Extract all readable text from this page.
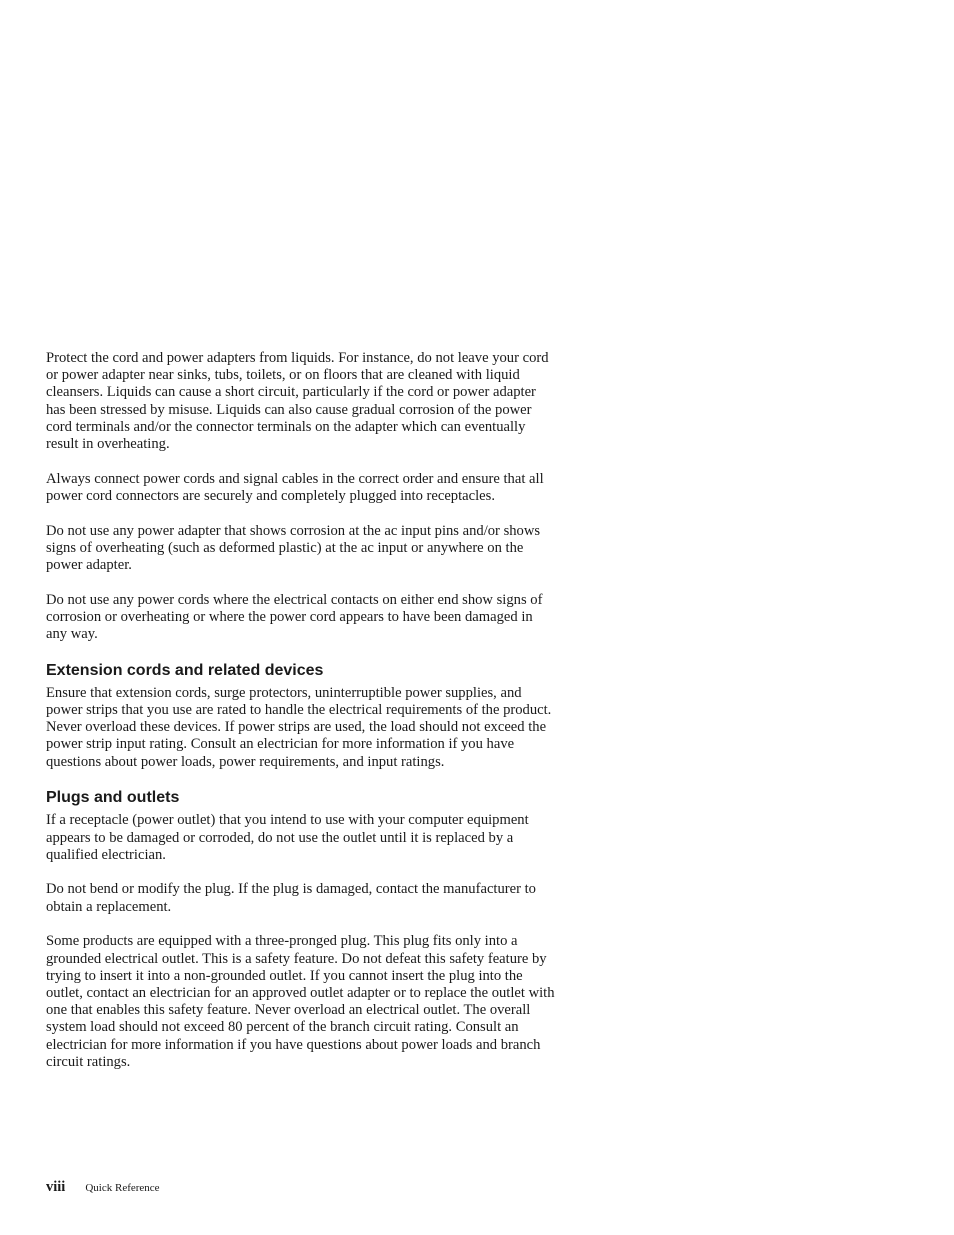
Protect the cord and power adapters from liquids. For instance, do not leave your cord or power adapter near sinks, tubs, toilets, or on floors that are cleaned with liquid cleansers. Liquids can cause a short circuit, particularly if the cord or power adapter has been stressed by misuse. Liquids can also cause gradual corrosion of the power cord terminals and/or the connector terminals on the adapter which can eventually result in overheating.

Always connect power cords and signal cables in the correct order and ensure that all power cord connectors are securely and completely plugged into receptacles.

Do not use any power adapter that shows corrosion at the ac input pins and/or shows signs of overheating (such as deformed plastic) at the ac input or anywhere on the power adapter.

Do not use any power cords where the electrical contacts on either end show signs of corrosion or overheating or where the power cord appears to have been damaged in any way.

Extension cords and related devices

Ensure that extension cords, surge protectors, uninterruptible power supplies, and power strips that you use are rated to handle the electrical requirements of the product. Never overload these devices. If power strips are used, the load should not exceed the power strip input rating. Consult an electrician for more information if you have questions about power loads, power requirements, and input ratings.

Plugs and outlets

If a receptacle (power outlet) that you intend to use with your computer equipment appears to be damaged or corroded, do not use the outlet until it is replaced by a qualified electrician.

Do not bend or modify the plug. If the plug is damaged, contact the manufacturer to obtain a replacement.

Some products are equipped with a three-pronged plug. This plug fits only into a grounded electrical outlet. This is a safety feature. Do not defeat this safety feature by trying to insert it into a non-grounded outlet. If you cannot insert the plug into the outlet, contact an electrician for an approved outlet adapter or to replace the outlet with one that enables this safety feature. Never overload an electrical outlet. The overall system load should not exceed 80 percent of the branch circuit rating. Consult an electrician for more information if you have questions about power loads and branch circuit ratings.

viii Quick Reference
